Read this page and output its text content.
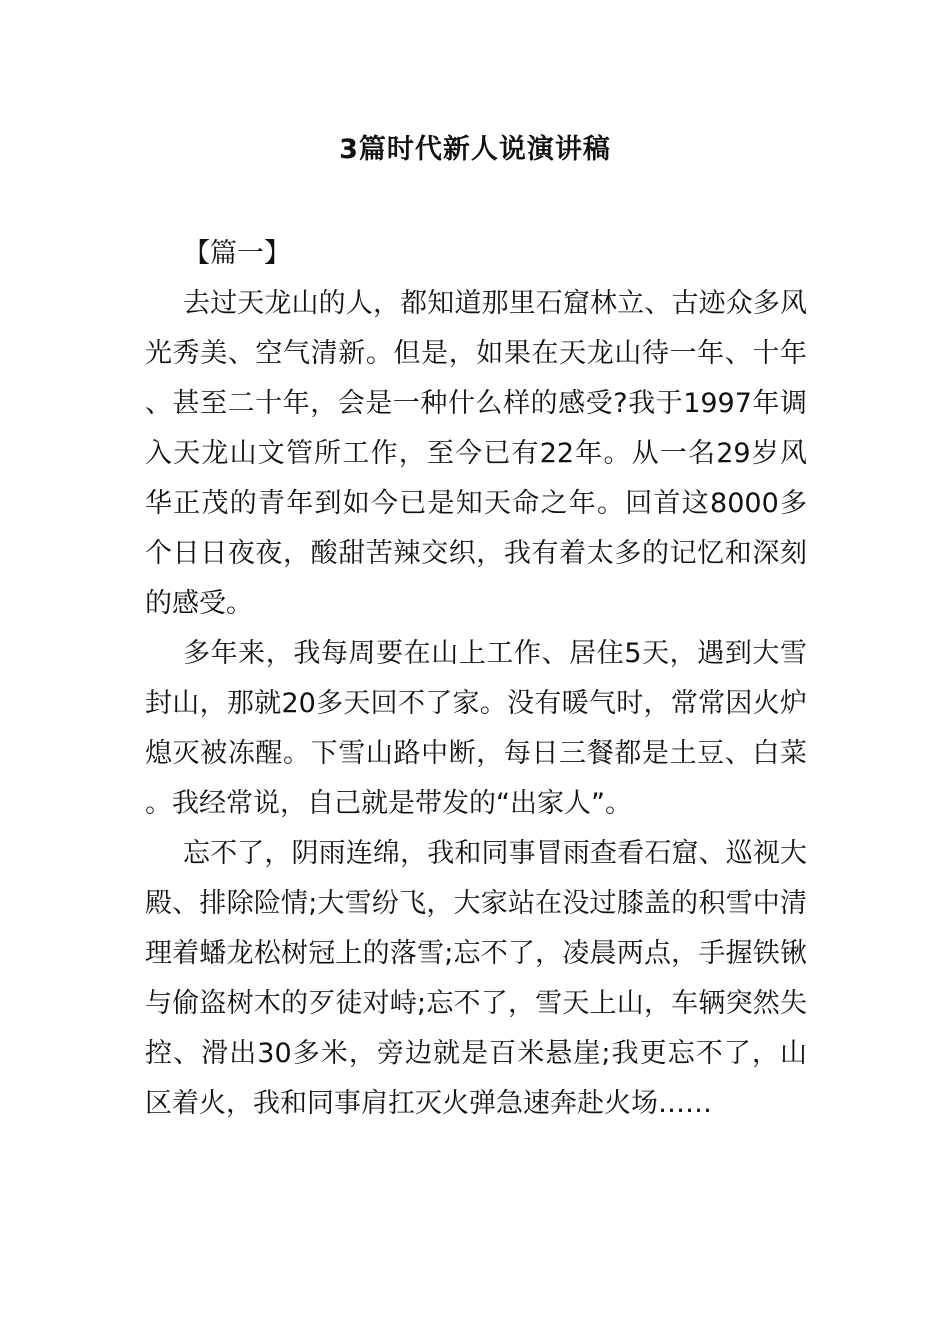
3篇时代新人说演讲稿

【篇一】

去过天龙山的人，都知道那里石窟林立、古迹众多风光秀美、空气清新。但是，如果在天龙山待一年、十年、甚至二十年，会是一种什么样的感受?我于1997年调入天龙山文管所工作，至今已有22年。从一名29岁风华正茂的青年到如今已是知天命之年。回首这8000多个日日夜夜，酸甜苦辣交织，我有着太多的记忆和深刻的感受。

多年来，我每周要在山上工作、居住5天，遇到大雪封山，那就20多天回不了家。没有暖气时，常常因火炉熄灭被冻醒。下雪山路中断，每日三餐都是土豆、白菜。我经常说，自己就是带发的“出家人”。

忘不了，阴雨连绵，我和同事冒雨查看石窟、巡视大殿、排除险情;大雪纷飞，大家站在没过膝盖的积雪中清理着蟠龙松树冠上的落雪;忘不了，凌晨两点，手握铁锹与偷盗树木的歹徒对峙;忘不了，雪天上山，车辆突然失控、滑出30多米，旁边就是百米悬崖;我更忘不了，山区着火，我和同事肩扛灭火弹急速奔赴火场……
